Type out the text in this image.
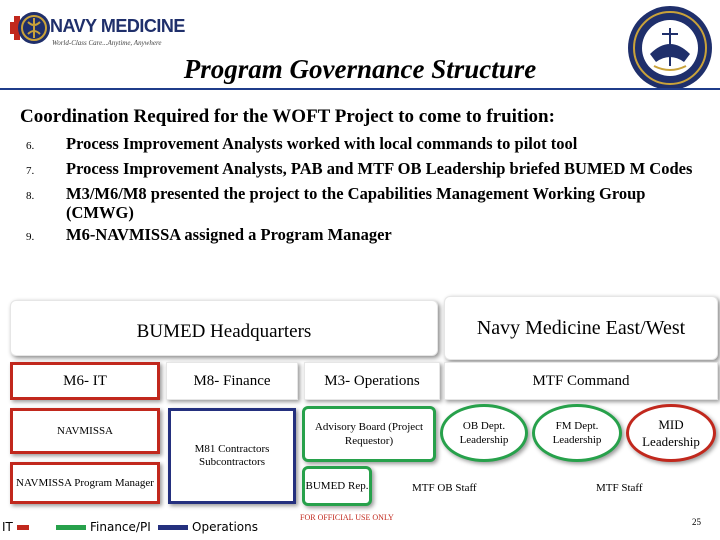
NAVY MEDICINE
World-Class Care...Anytime, Anywhere
Program Governance Structure
Coordination Required for the WOFT Project to come to fruition:
6.	Process Improvement Analysts worked with local commands to pilot tool
7.	Process Improvement Analysts, PAB and MTF OB Leadership briefed BUMED M Codes
8.	M3/M6/M8 presented the project to the Capabilities Management Working Group (CMWG)
9.	M6-NAVMISSA assigned a Program Manager
BUMED Headquarters	Navy Medicine East/West
M6- IT	M8- Finance	M3- Operations	MTF Command
NAVMISSA
NAVMISSA Program Manager
M81 Contractors Subcontractors
Advisory Board (Project Requestor)
BUMED Rep.
OB Dept. Leadership
FM Dept. Leadership
MID Leadership
MTF OB Staff	MTF Staff
IT	Finance/PI	Operations
FOR OFFICIAL USE ONLY	25
